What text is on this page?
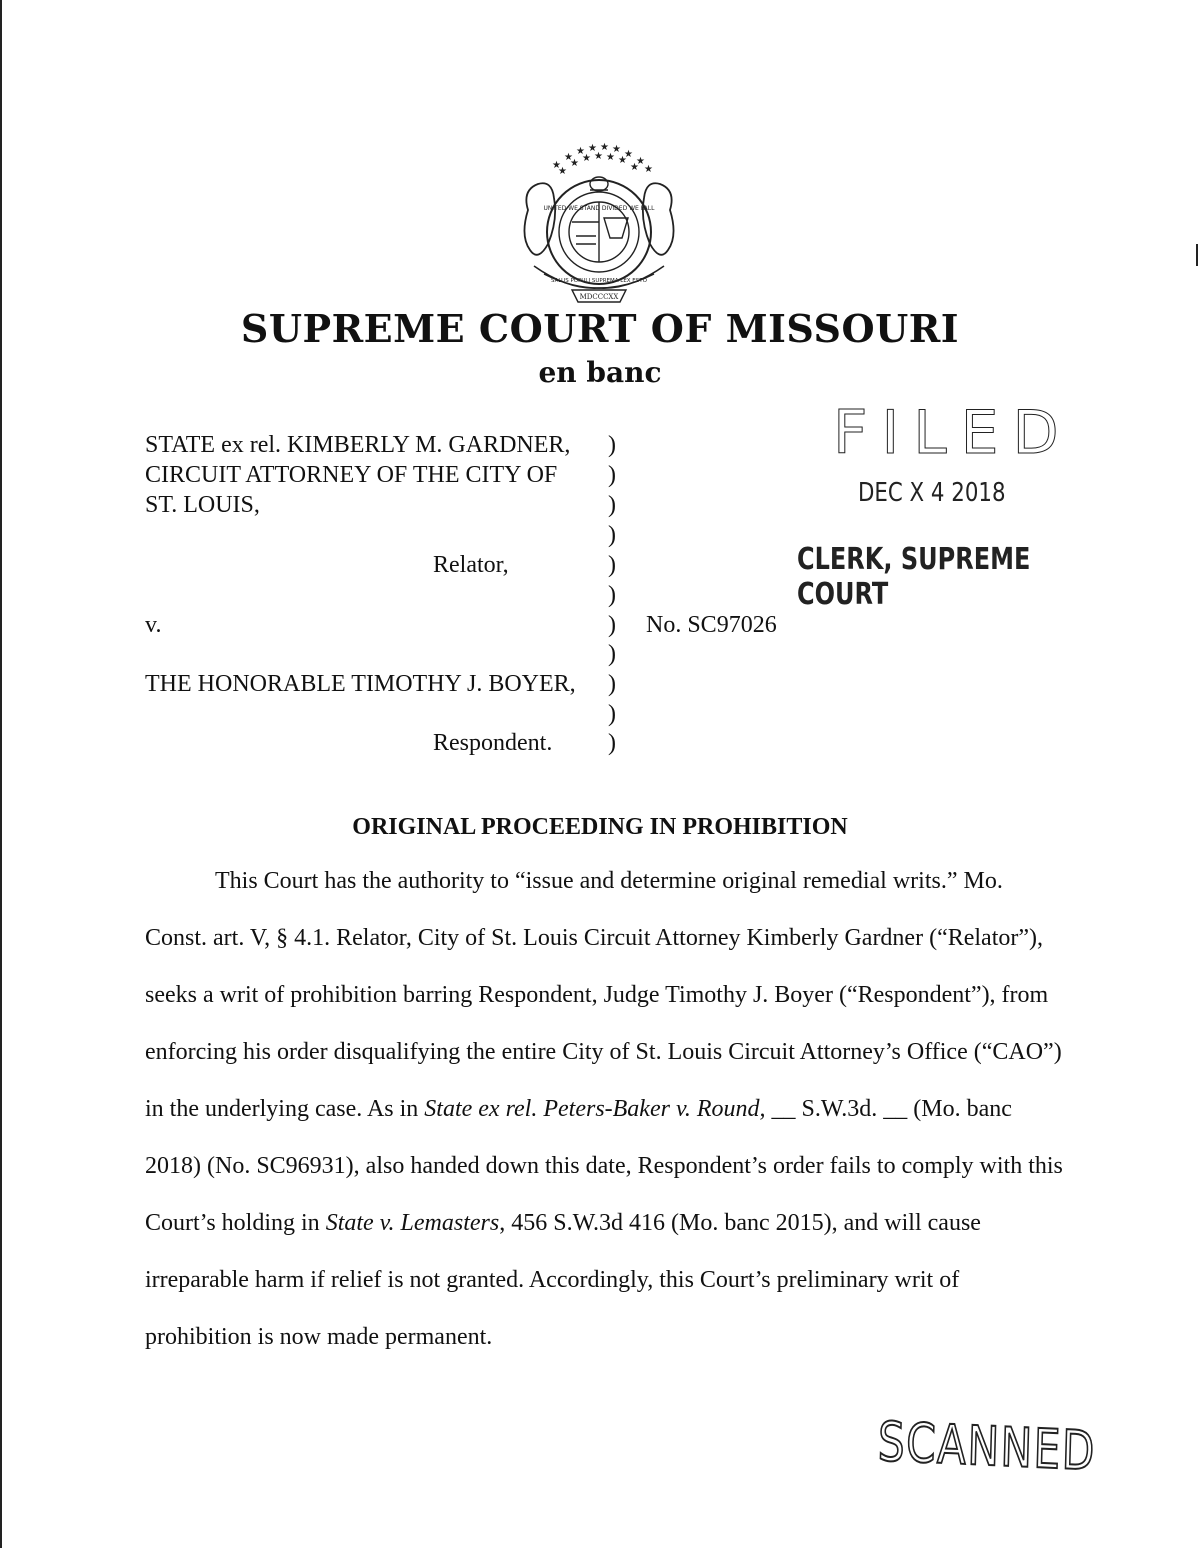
★
★
★ ★ ★ ★ ★
★
★
★ ★ ★ ★ ★
★ ★
UNITED WE STAND DIVIDED WE FALL
SALUS POPULI SUPREMA LEX ESTO
MDCCCXX
SUPREME COURT OF MISSOURI
en banc
STATE ex rel. KIMBERLY M. GARDNER,
CIRCUIT ATTORNEY OF THE CITY OF
ST. LOUIS,
Relator,
v.
THE HONORABLE TIMOTHY J. BOYER,
Respondent.
No. SC97026
)
)
)
)
)
)
)
)
)
)
)
FILED
DEC X 4 2018
CLERK, SUPREME COURT
ORIGINAL PROCEEDING IN PROHIBITION

This Court has the authority to “issue and determine original remedial writs.” Mo. Const. art. V, § 4.1. Relator, City of St. Louis Circuit Attorney Kimberly Gardner (“Relator”), seeks a writ of prohibition barring Respondent, Judge Timothy J. Boyer (“Respondent”), from enforcing his order disqualifying the entire City of St. Louis Circuit Attorney’s Office (“CAO”) in the underlying case. As in State ex rel. Peters-Baker v. Round, __ S.W.3d. __ (Mo. banc 2018) (No. SC96931), also handed down this date, Respondent’s order fails to comply with this Court’s holding in State v. Lemasters, 456 S.W.3d 416 (Mo. banc 2015), and will cause irreparable harm if relief is not granted. Accordingly, this Court’s preliminary writ of prohibition is now made permanent.

SCANNED
